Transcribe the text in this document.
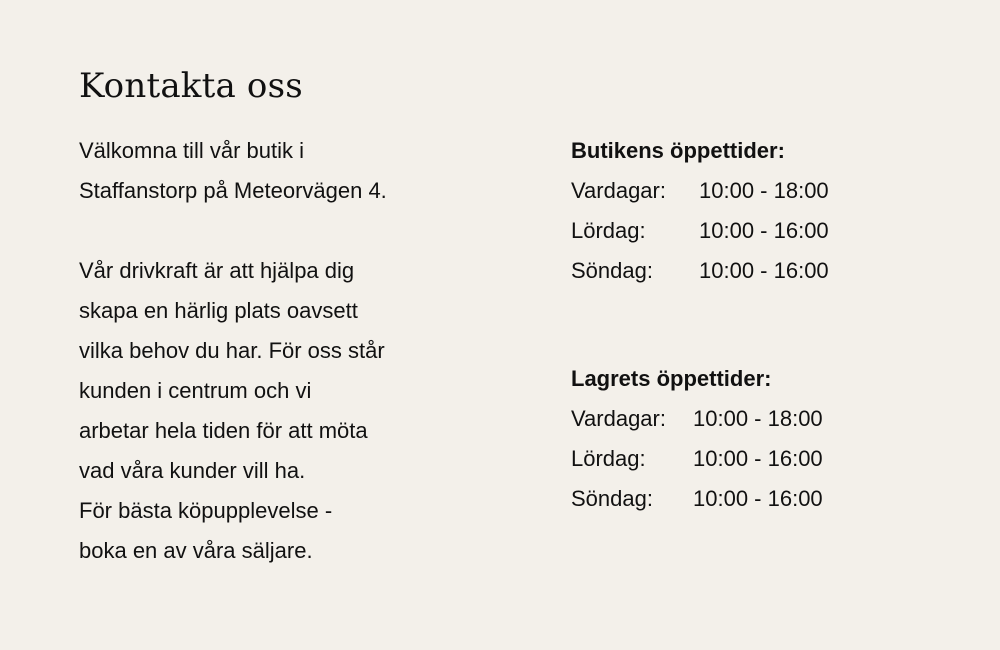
Kontakta oss

Välkomna till vår butik i

Staffanstorp på Meteorvägen 4.

Vår drivkraft är att hjälpa dig

skapa en härlig plats oavsett

vilka behov du har. För oss står

kunden i centrum och vi

arbetar hela tiden för att möta

vad våra kunder vill ha.

För bästa köpupplevelse -

boka en av våra säljare.

Butikens öppettider:

Vardagar:	10:00 - 18:00
Lördag:	10:00 - 16:00
Söndag:	10:00 - 16:00

Lagrets öppettider:

Vardagar:	10:00 - 18:00
Lördag:	10:00 - 16:00
Söndag:	10:00 - 16:00
